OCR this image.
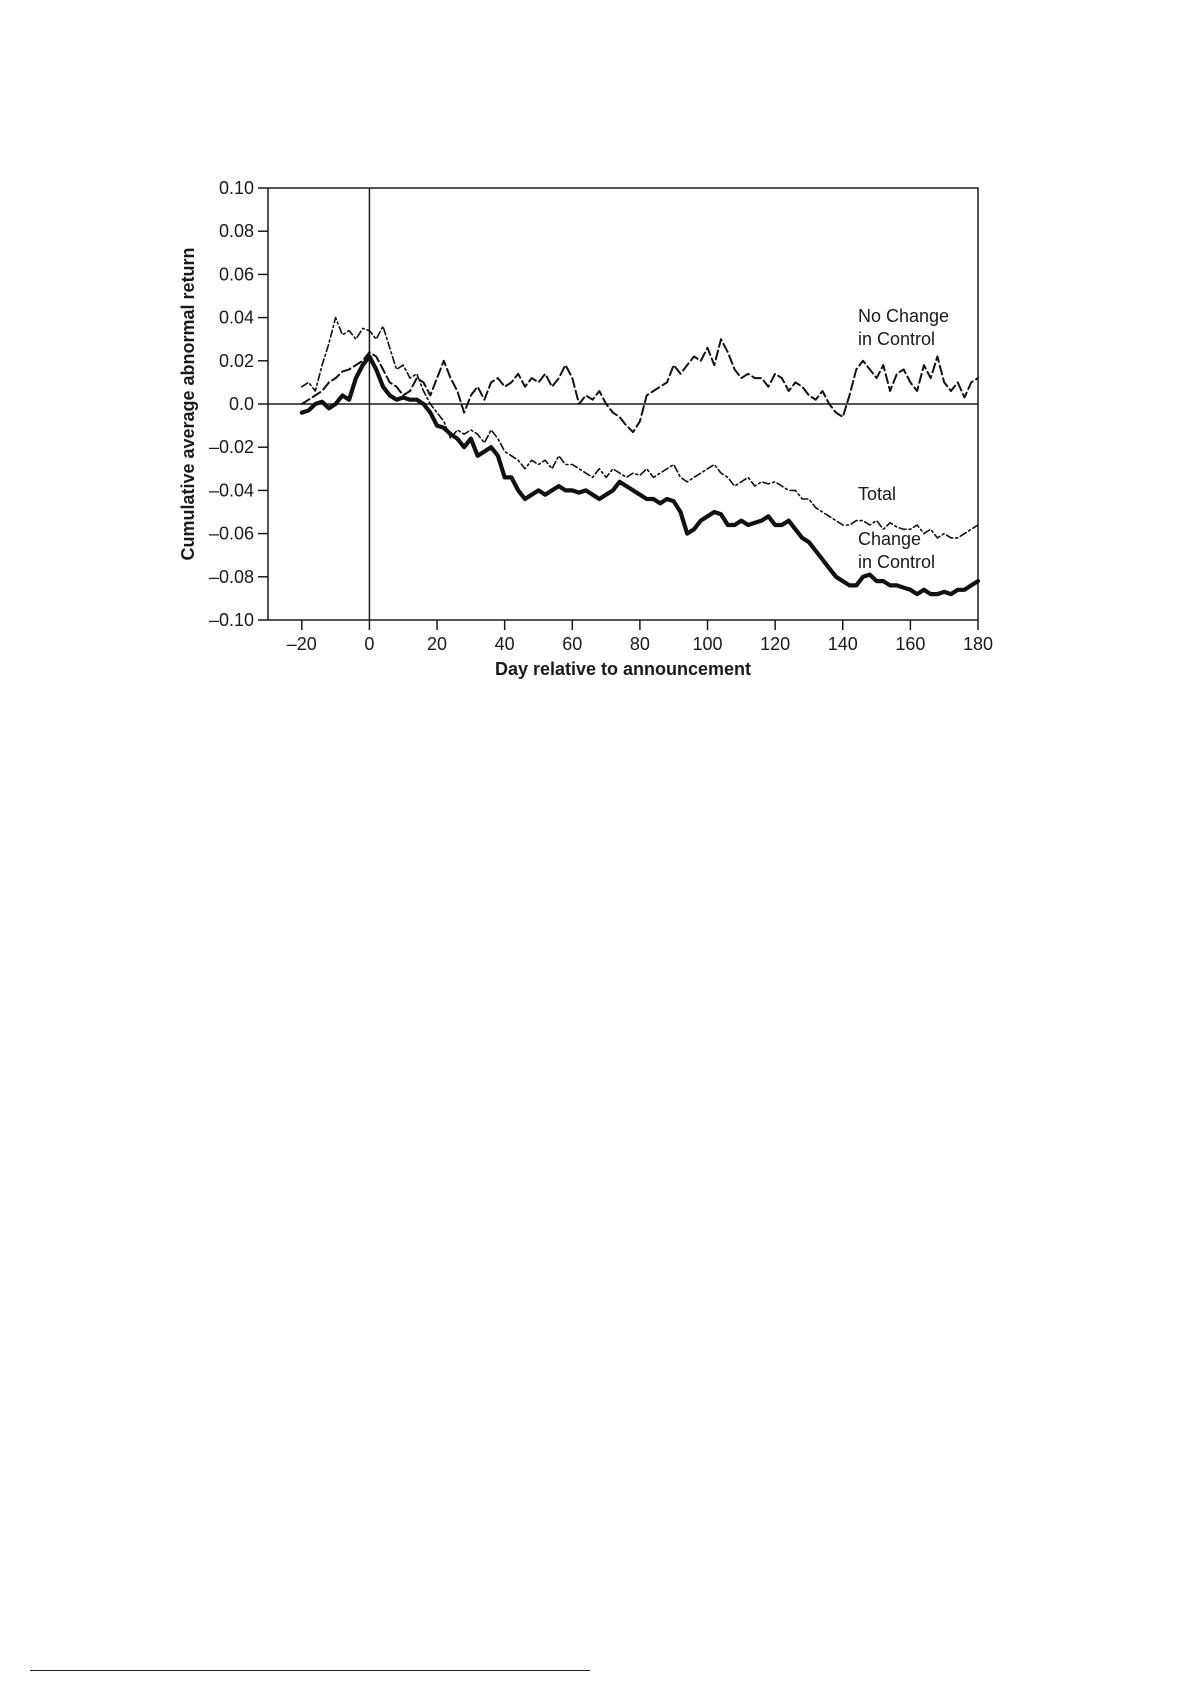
0.10
0.08
0.06
0.04
0.02
0.0
–0.02
–0.04
–0.06
–0.08
–0.10
–20	0	20	40	60	80 100 120 140 160 180
Day relative to announcement
Cumulative average abnormal return	No Change
in Control
Total
Change
in Control
